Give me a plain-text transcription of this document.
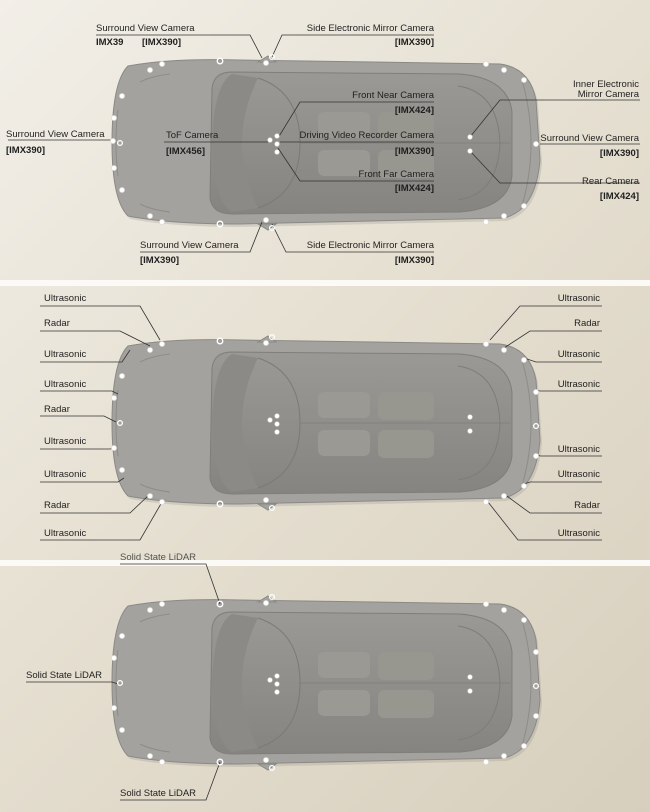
Surround View Camera
IMX39 [IMX390]
Side Electronic Mirror Camera
[IMX390]
Front Near Camera
[IMX424]
Inner Electronic
Mirror Camera
ToF Camera
[IMX456]
Driving Video Recorder Camera
[IMX390]
Surround View Camera
[IMX390]
Surround View Camera
[IMX390]
Front Far Camera
[IMX424]
Rear Camera
[IMX424]
Surround View Camera
[IMX390]
Side Electronic Mirror Camera
[IMX390]
Ultrasonic
Radar
Ultrasonic
Ultrasonic
Radar
Ultrasonic
Ultrasonic
Radar
Ultrasonic
Ultrasonic
Radar
Ultrasonic
Ultrasonic
Ultrasonic
Ultrasonic
Radar
Ultrasonic
Solid State LiDAR
Solid State LiDAR
Solid State LiDAR
